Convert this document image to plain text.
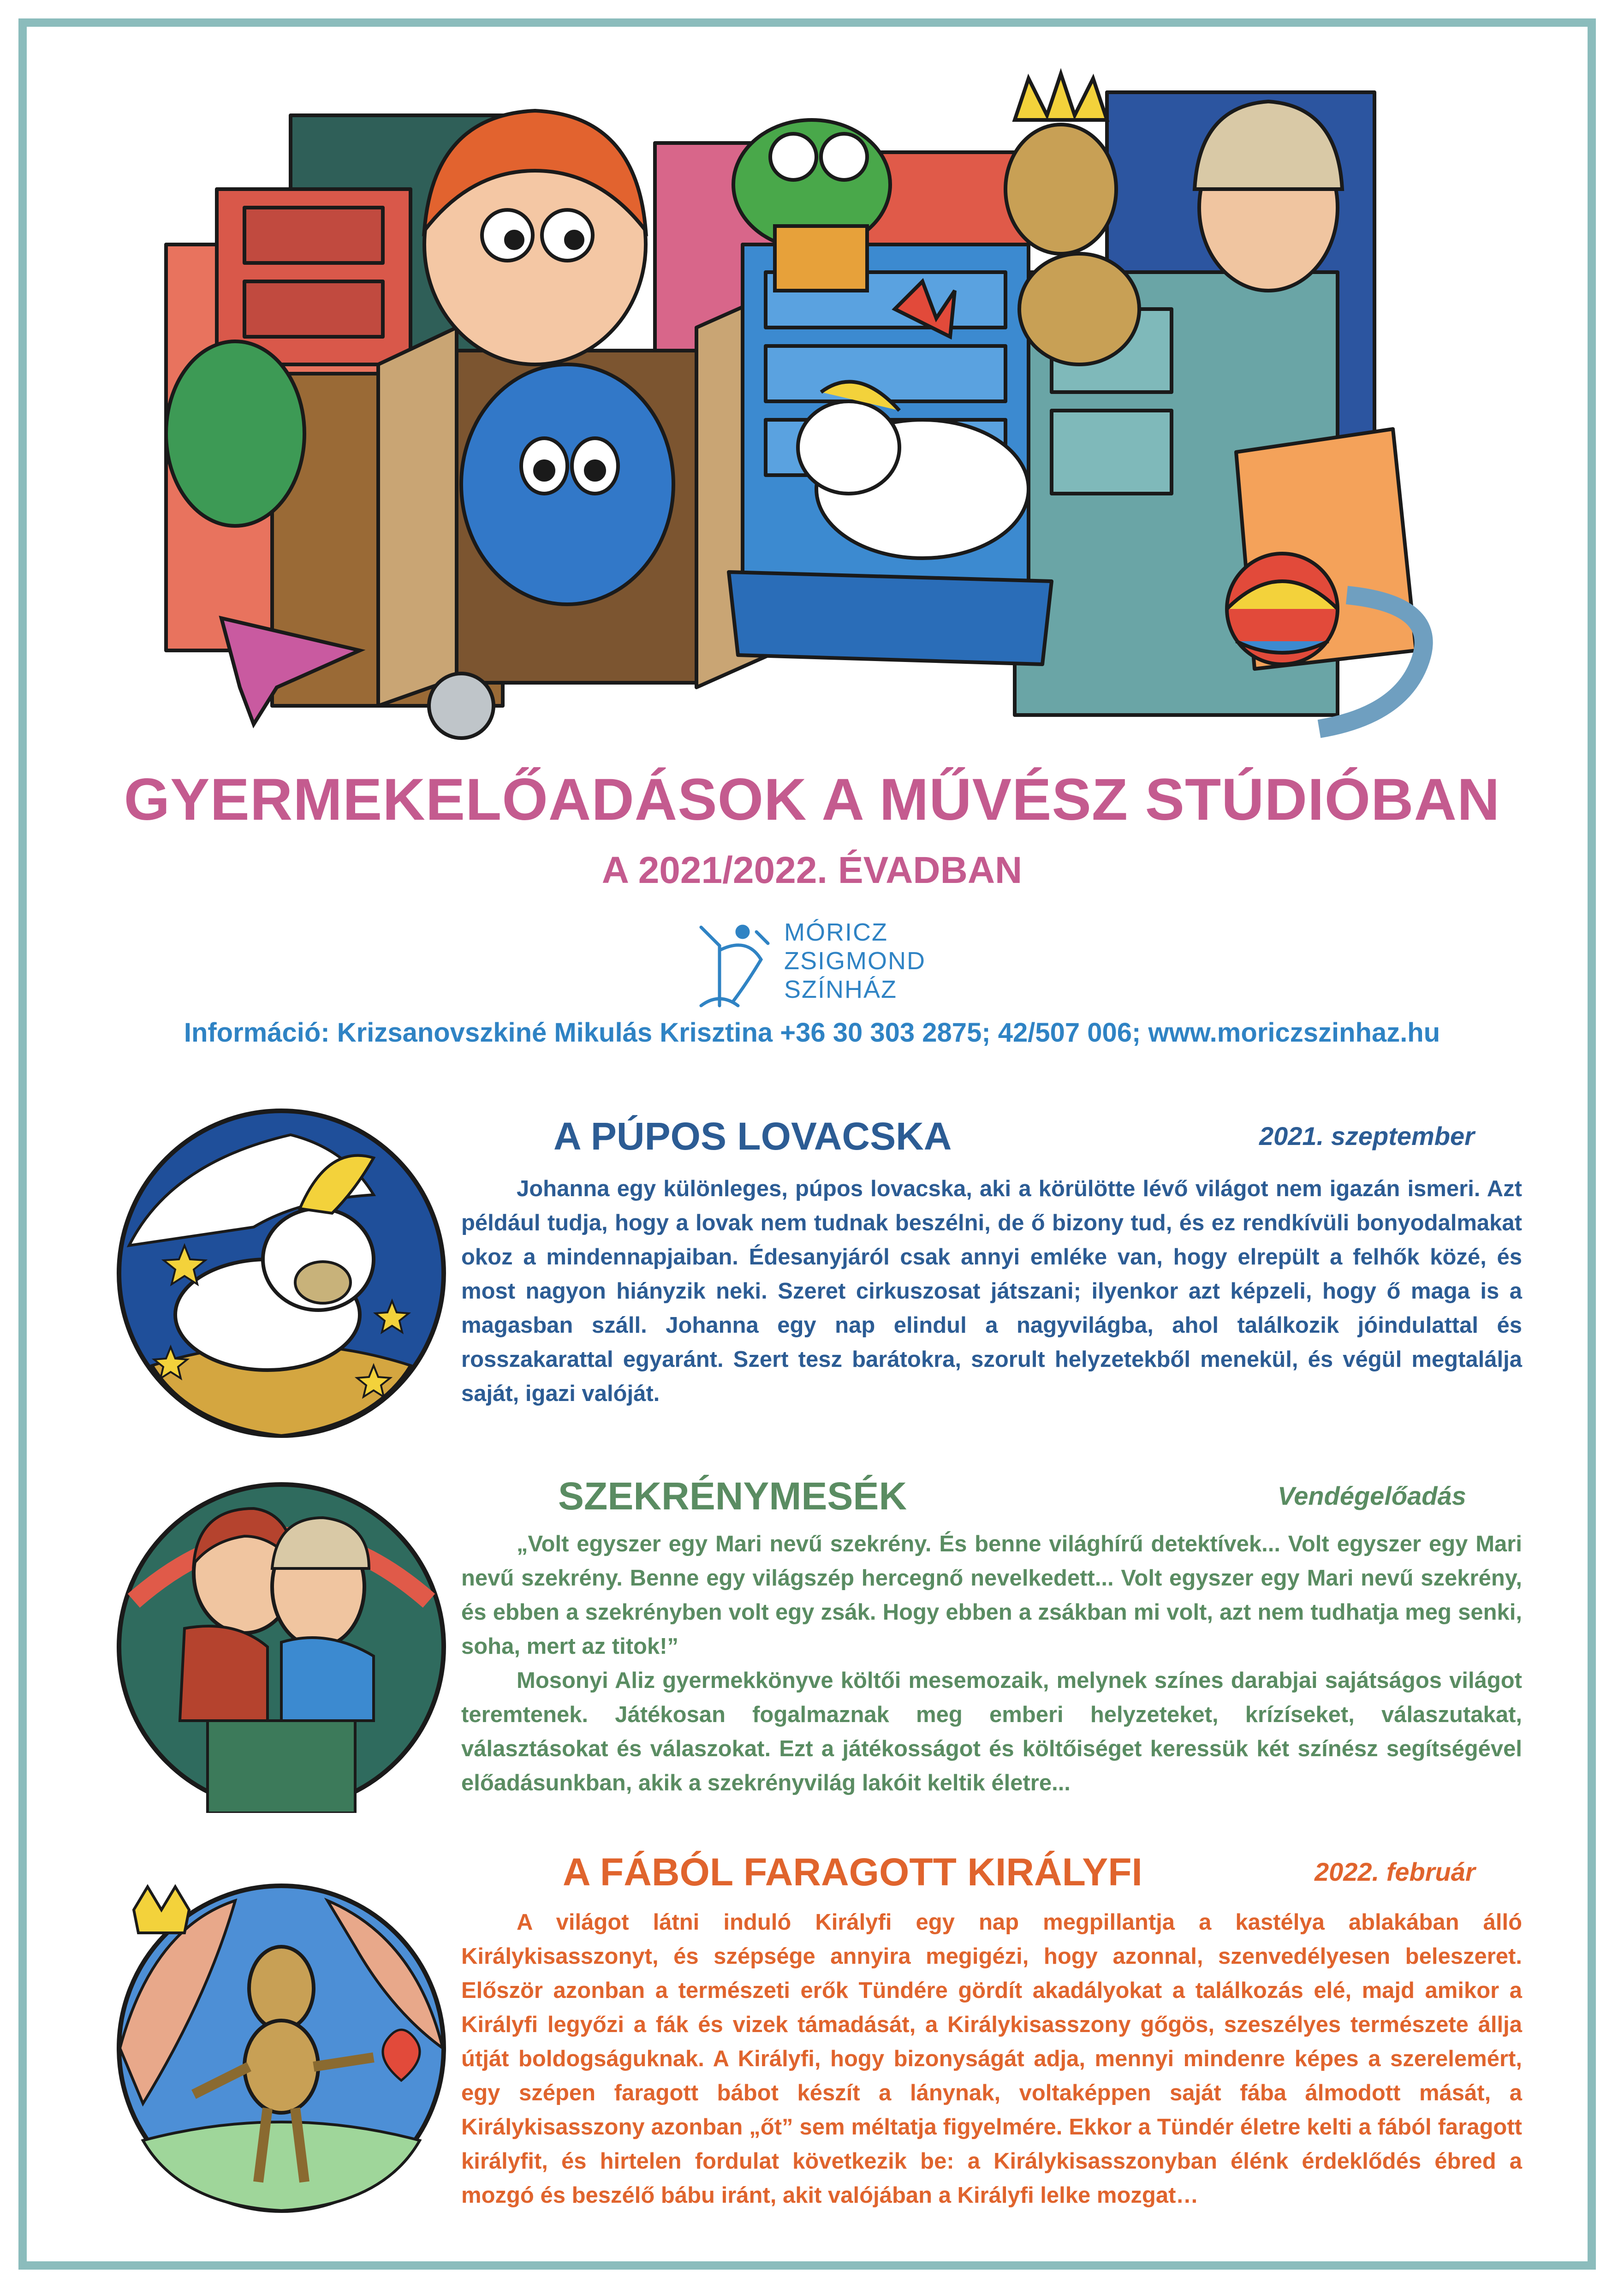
GYERMEKELŐADÁSOK A MŰVÉSZ STÚDIÓBAN
A 2021/2022. ÉVADBAN
MÓRICZ
ZSIGMOND
SZÍNHÁZ
Információ: Krizsanovszkiné Mikulás Krisztina +36 30 303 2875; 42/507 006; www.moriczszinhaz.hu
A PÚPOS LOVACSKA	2021. szeptember

Johanna egy különleges, púpos lovacska, aki a körülötte lévő világot nem igazán ismeri. Azt például tudja, hogy a lovak nem tudnak beszélni, de ő bizony tud, és ez rendkívüli bonyodalmakat okoz a mindennapjaiban. Édesanyjáról csak annyi emléke van, hogy elrepült a felhők közé, és most nagyon hiányzik neki. Szeret cirkuszosat játszani; ilyenkor azt képzeli, hogy ő maga is a magasban száll. Johanna egy nap elindul a nagyvilágba, ahol találkozik jóindulattal és rosszakarattal egyaránt. Szert tesz barátokra, szorult helyzetekből menekül, és végül megtalálja saját, igazi valóját.

SZEKRÉNYMESÉK	Vendégelőadás

„Volt egyszer egy Mari nevű szekrény. És benne világhírű detektívek... Volt egyszer egy Mari nevű szekrény. Benne egy világszép hercegnő nevelkedett... Volt egyszer egy Mari nevű szekrény, és ebben a szekrényben volt egy zsák. Hogy ebben a zsákban mi volt, azt nem tudhatja meg senki, soha, mert az titok!”

Mosonyi Aliz gyermekkönyve költői mesemozaik, melynek színes darabjai sajátságos világot teremtenek. Játékosan fogalmaznak meg emberi helyzeteket, krízíseket, válaszutakat, választásokat és válaszokat. Ezt a játékosságot és költőiséget keressük két színész segítségével előadásunkban, akik a szekrényvilág lakóit keltik életre...

A FÁBÓL FARAGOTT KIRÁLYFI	2022. február

A világot látni induló Királyfi egy nap megpillantja a kastélya ablakában álló Királykisasszonyt, és szépsége annyira megigézi, hogy azonnal, szenvedélyesen beleszeret. Először azonban a természeti erők Tündére gördít akadályokat a találkozás elé, majd amikor a Királyfi legyőzi a fák és vizek támadását, a Királykisasszony gőgös, szeszélyes természete állja útját boldogságuknak. A Királyfi, hogy bizonyságát adja, mennyi mindenre képes a szerelemért, egy szépen faragott bábot készít a lánynak, voltaképpen saját fába álmodott mását, a Királykisasszony azonban „őt” sem méltatja figyelmére. Ekkor a Tündér életre kelti a fából faragott királyfit, és hirtelen fordulat következik be: a Királykisasszonyban élénk érdeklődés ébred a mozgó és beszélő bábu iránt, akit valójában a Királyfi lelke mozgat…
